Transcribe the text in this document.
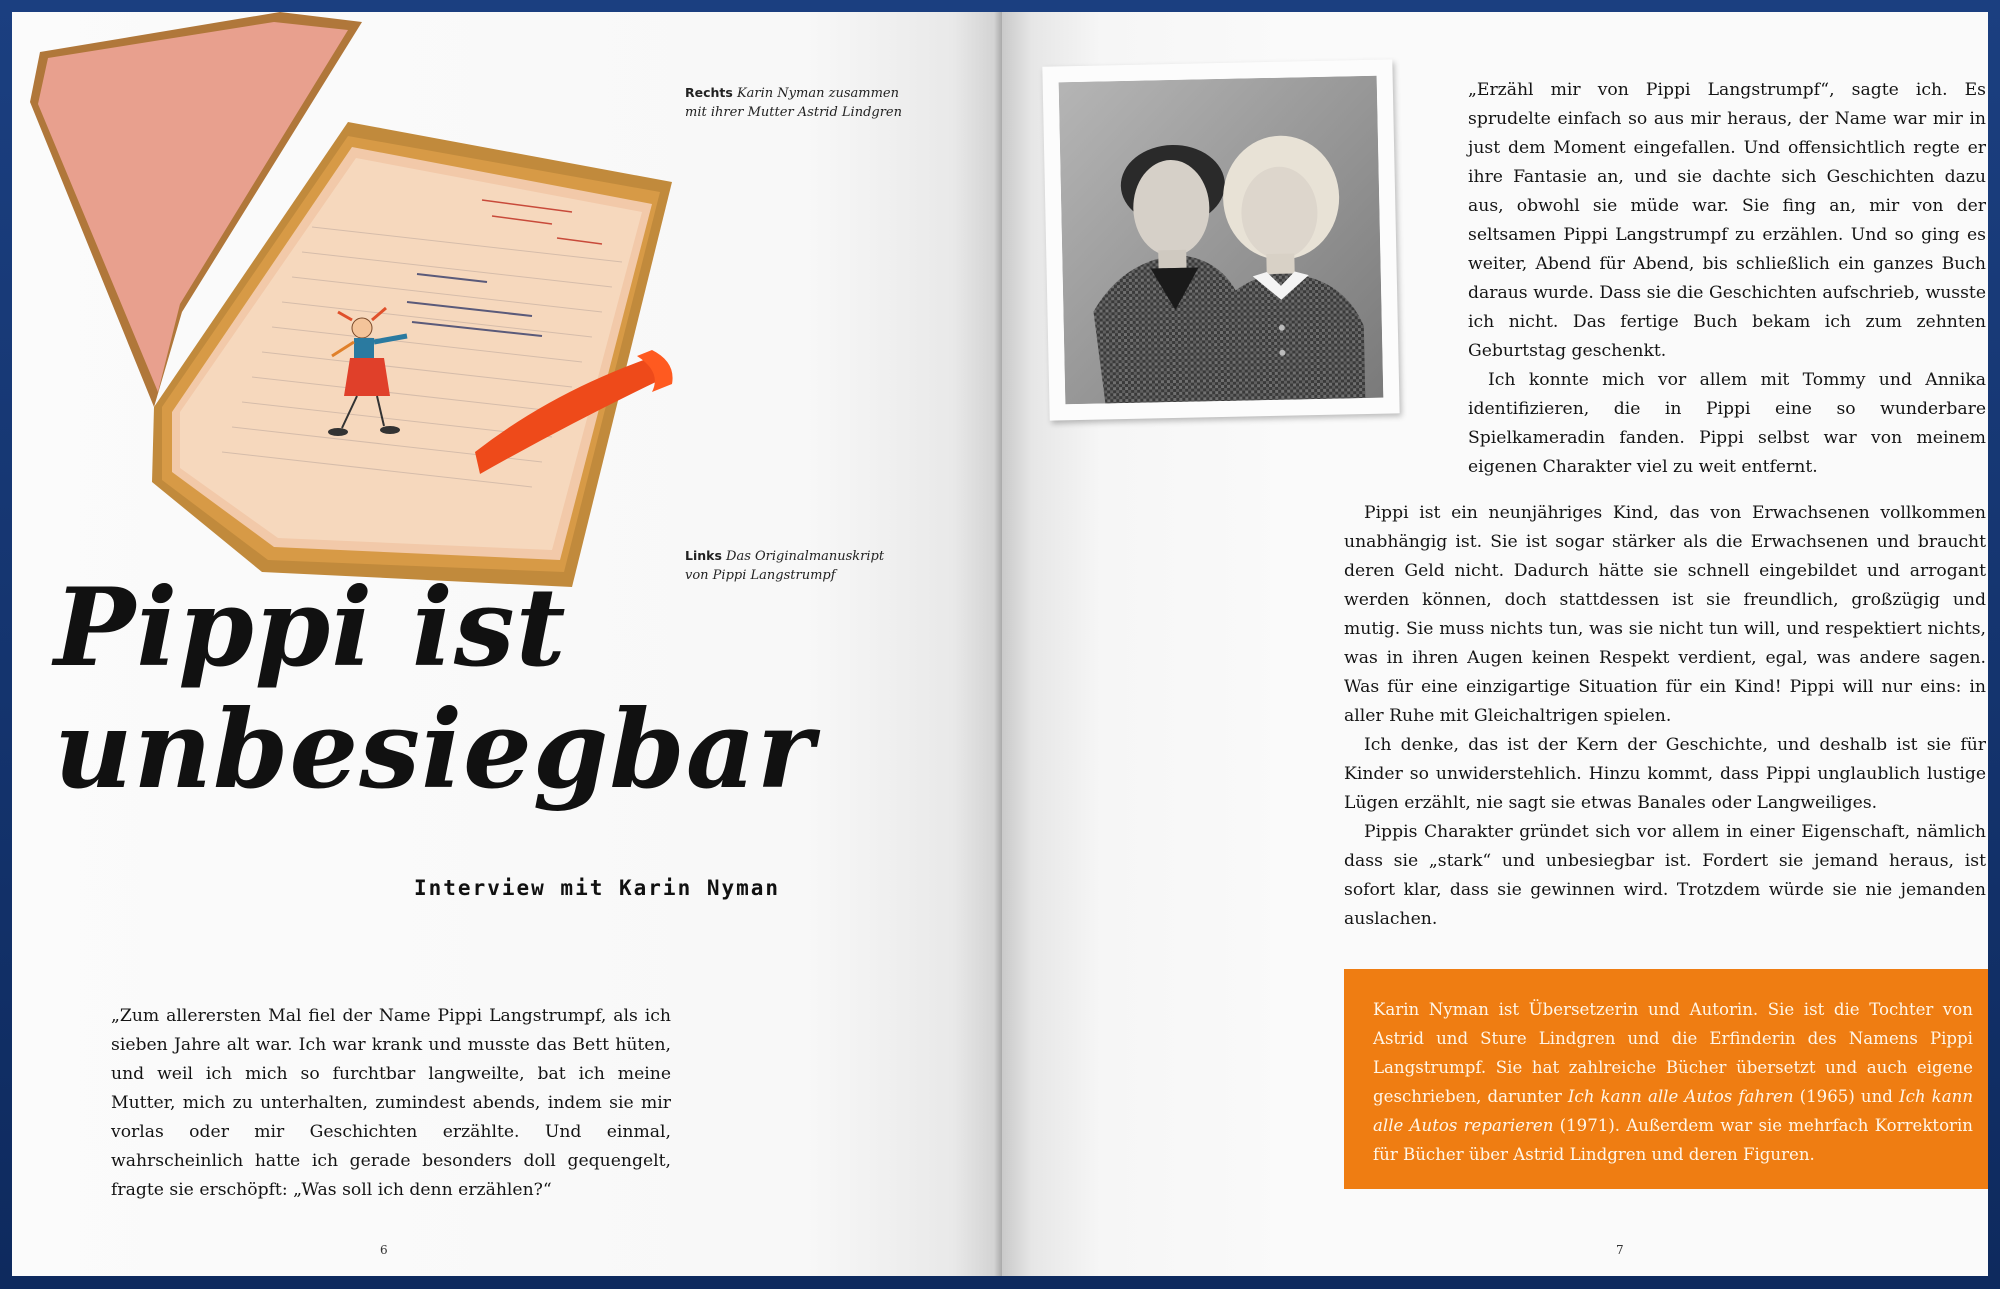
Rechts Karin Nyman zusammen
mit ihrer Mutter Astrid Lindgren
Links Das Originalmanuskript
von Pippi Langstrumpf
Pippi ist
unbesiegbar
Interview mit Karin Nyman

„Zum allerersten Mal fiel der Name Pippi Langstrumpf, als ich sieben Jahre alt war. Ich war krank und musste das Bett hüten, und weil ich mich so furchtbar langweilte, bat ich meine Mutter, mich zu unterhalten, zumindest abends, indem sie mir vorlas oder mir Geschichten erzählte. Und einmal, wahrscheinlich hatte ich gerade besonders doll gequengelt, fragte sie erschöpft: „Was soll ich denn erzählen?“

6

„Erzähl mir von Pippi Langstrumpf“, sagte ich. Es sprudelte einfach so aus mir heraus, der Name war mir in just dem Moment eingefallen. Und offensichtlich regte er ihre Fantasie an, und sie dachte sich Geschichten dazu aus, obwohl sie müde war. Sie fing an, mir von der seltsamen Pippi Langstrumpf zu erzählen. Und so ging es weiter, Abend für Abend, bis schließlich ein ganzes Buch daraus wurde. Dass sie die Geschichten aufschrieb, wusste ich nicht. Das fertige Buch bekam ich zum zehnten Geburtstag geschenkt.

Ich konnte mich vor allem mit Tommy und Annika identifizieren, die in Pippi eine so wunderbare Spielkameradin fanden. Pippi selbst war von meinem eigenen Charakter viel zu weit entfernt.

Pippi ist ein neunjähriges Kind, das von Erwachsenen vollkommen unabhängig ist. Sie ist sogar stärker als die Erwachsenen und braucht deren Geld nicht. Dadurch hätte sie schnell eingebildet und arrogant werden können, doch stattdessen ist sie freundlich, großzügig und mutig. Sie muss nichts tun, was sie nicht tun will, und respektiert nichts, was in ihren Augen keinen Respekt verdient, egal, was andere sagen. Was für eine einzigartige Situation für ein Kind! Pippi will nur eins: in aller Ruhe mit Gleichaltrigen spielen.

Ich denke, das ist der Kern der Geschichte, und deshalb ist sie für Kinder so unwiderstehlich. Hinzu kommt, dass Pippi unglaublich lustige Lügen erzählt, nie sagt sie etwas Banales oder Langweiliges.

Pippis Charakter gründet sich vor allem in einer Eigenschaft, nämlich dass sie „stark“ und unbesiegbar ist. Fordert sie jemand heraus, ist sofort klar, dass sie gewinnen wird. Trotzdem würde sie nie jemanden auslachen.

Karin Nyman ist Übersetzerin und Autorin. Sie ist die Tochter von Astrid und Sture Lindgren und die Erfinderin des Namens Pippi Langstrumpf. Sie hat zahlreiche Bücher übersetzt und auch eigene geschrieben, darunter Ich kann alle Autos fahren (1965) und Ich kann alle Autos reparieren (1971). Außerdem war sie mehrfach Korrektorin für Bücher über Astrid Lindgren und deren Figuren.
7
